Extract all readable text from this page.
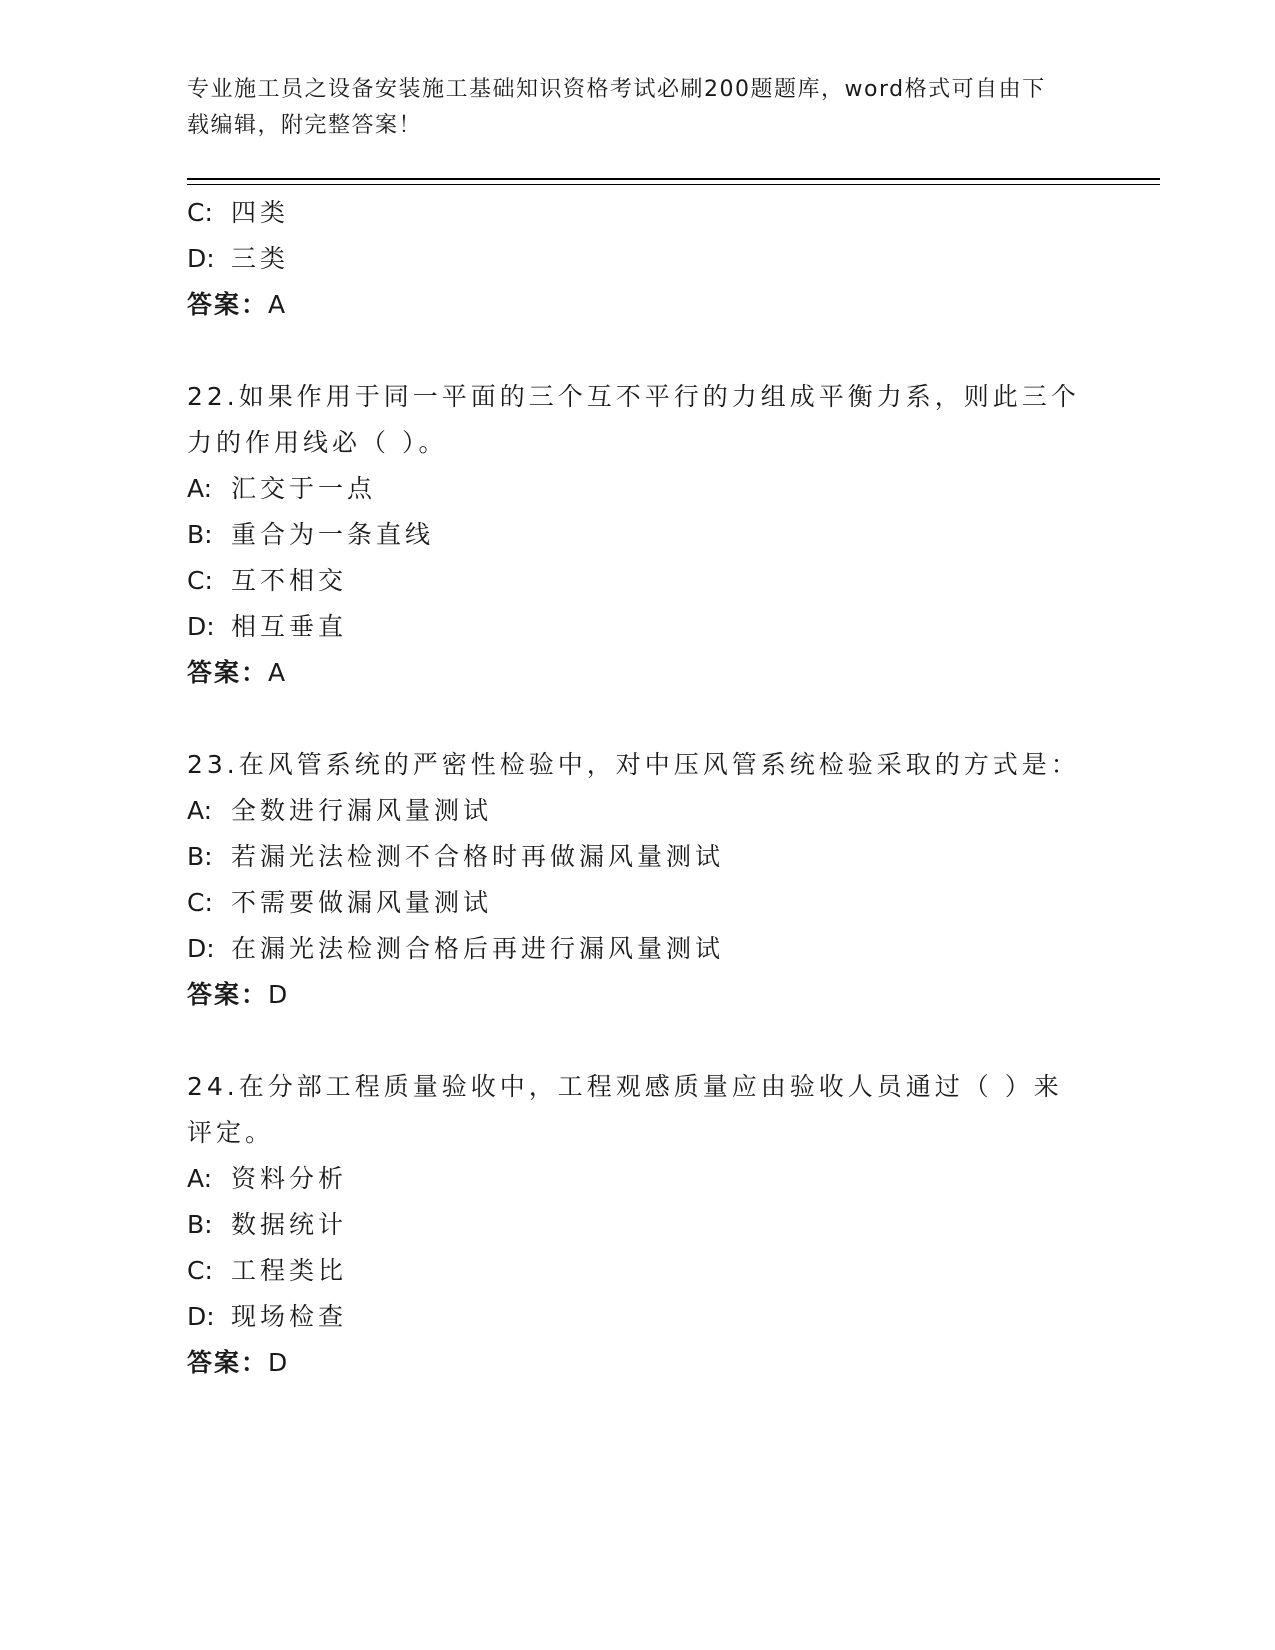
专业施工员之设备安装施工基础知识资格考试必刷200题题库，word格式可自由下载编辑，附完整答案！

C: 四类
D: 三类
答案：A
22.如果作用于同一平面的三个互不平行的力组成平衡力系，则此三个力的作用线必（ ）。
A: 汇交于一点
B: 重合为一条直线
C: 互不相交
D: 相互垂直
答案：A
23.在风管系统的严密性检验中，对中压风管系统检验采取的方式是：
A: 全数进行漏风量测试
B: 若漏光法检测不合格时再做漏风量测试
C: 不需要做漏风量测试
D: 在漏光法检测合格后再进行漏风量测试
答案：D
24.在分部工程质量验收中，工程观感质量应由验收人员通过（ ）来评定。
A: 资料分析
B: 数据统计
C: 工程类比
D: 现场检查
答案：D
